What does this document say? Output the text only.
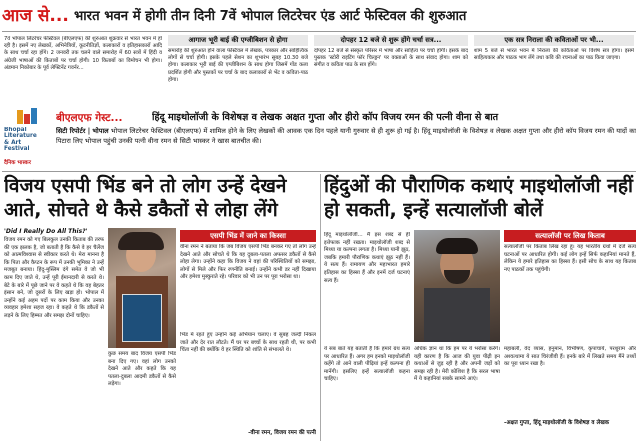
आज से... भारत भवन में होगी तीन दिनी 7वें भोपाल लिटरेचर एंड आर्ट फेस्टिवल की शुरुआत
7वें भोपाल लिटरेचर फेस्टिवल (बीएलएफ) की शुरुआत शुक्रवार से भारत भवन में हो रही है। इसमें नए लेखकों, अभिनेत्रियों, कूटनीतिज्ञों, कलाकारों व इतिहासकारों आदि के साथ चर्चा रहा होंगे। 2 जनवरी तक चलने वाले समारोह में 60 सत्रों में हिंदी व अंग्रेजी भाषाओं की किताबों पर चर्चा होगी। 10 किताबों का विमोचन भी होगा। अंडमान निकोबार के पूर्व लेफ्टिनेंट गवर्नर...
आगाज भूरी बाई की एग्जीबिशन से होगा
समारोह की शुरुआत होने वाला फेस्टिवल में लेखक, पत्रकार और साहित्यिक लोगों से चर्चा होगी। इसके पहले सेशन का शुभारंभ सुबह 10.30 बजे होगा। कलाकार भूरी बाई की एग्जीबिशन के साथ होगा जिसमें गोंड कला प्रदर्शित होगी और पुस्तकों पर चर्चा के बाद कलाकारों से भेंट व कविता-पाठ होगा।
दोपहर 12 बजे से शुरू होंगे चर्चा सत्र...
दोपहर 12 बजे से संस्कृत परिसर में भाषा और साहित्य पर चर्चा होगी। इसके बाद पुस्तक 'स्टोरी राइटिंग फॉर चिल्ड्रन' पर वक्ताओं के साथ संवाद होगा। शाम को संगीत व कविता पाठ के सत्र होंगे।
एक सत्र निराला की कविताओं पर भी...
शाम 5 बजे से भारत भवन में निराला की कविताओं पर विशेष सत्र होगा। इसमें साहित्यकार और पाठक भाग लेंगे तथा कवि की रचनाओं का पाठ किया जाएगा।
Bhopal
Literature
& Art
Festival
दैनिक भास्कर
बीएलएफ गेस्ट...	हिंदू माइथोलॉजी के विशेषज्ञ व लेखक अक्षत गुप्ता और हीरो कॉप विजय रमन की पत्नी वीना से बात
सिटी रिपोर्टर | भोपाल भोपाल लिटरेचर फेस्टिवल (बीएलएफ) में शामिल होने के लिए लेखकों की आवक एक दिन पहले यानी गुरुवार से ही शुरू हो गई है। हिंदू माइथोलॉजी के विशेषज्ञ व लेखक अक्षत गुप्ता और हीरो कॉप विजय रमन की यादों का पिटारा लिए भोपाल पहुंची उनकी पत्नी वीना रमन से सिटी भास्कर ने खास बातचीत की।
विजय एसपी भिंड बने तो लोग उन्हें देखने आते, सोचते थे कैसे डकैतों से लोहा लेंगे
'Did I Really Do All This?'
विजय रमन को गए बिलकुल उनकी किताब की तरफ की एक झलक है, जो बताती है कि कैसे वे हर चैलेंज को आत्मविश्वास से स्वीकार करते थे। मेरा मानना है कि पिता और कैप्टन के रूप में उनकी भूमिका ने उन्हें मजबूत बनाया। हिंदू-मुस्लिम दंगे समेत वे जो भी काम दिए जाते थे, उन्हें पूरी ईमानदारी से करते थे। बेटे के बारे में पूछे जाने पर वे कहते थे कि वह बेहतर इंसान बने, जो दूसरों के लिए खड़ा हो। भोपाल में उन्होंने कई अहम पदों पर काम किया और उनका व्यवहार हमेशा सहज रहा। वे कहते थे कि डकैतों से लड़ने के लिए हिम्मत और समझ दोनों चाहिए।
एसपी भिंड में जाने का किस्सा
वीना रमन ने बताया कि जब विजय एसपी भिंड बनकर गए तो लोग उन्हें देखने आते और सोचते थे कि यह दुबला-पतला अफसर डकैतों से कैसे लोहा लेगा। उन्होंने कहा कि विजय ने वहां की परिस्थितियों को समझा, लोगों से मिले और फिर रणनीति बनाई। उन्होंने कभी डर नहीं दिखाया और हमेशा मुस्कुराते रहे। परिवार को भी उन पर पूरा भरोसा था।
भिंड में रहते हुए उन्होंने कई अभियान चलाए। वे सुबह जल्दी निकल जाते और देर रात लौटते। मैं घर पर बच्चों के साथ रहती थी, पर कभी चिंता नहीं की क्योंकि वे हर स्थिति को शांति से संभालते थे।
-वीना रमन, विजय रमन की पत्नी
कुछ समय बाद विजय एसपी भिंड बना दिए गए। वहां लोग उनको देखने आते और कहते कि यह पतला-दुबला आदमी डकैतों से कैसे लड़ेगा।
हिंदुओं की पौराणिक कथाएं माइथोलॉजी नहीं हो सकती, इन्हें सत्यालॉजी बोलें
हिंदू माइथोलॉजी... मैं इस शब्द से ही इत्तेफाक नहीं रखता। माइथोलॉजी शब्द से मिथ्या या कल्पना लगता है। मिथ्या यानी झूठ, जबकि हमारी पौराणिक कथाएं झूठ नहीं हैं। ये सत्य हैं। रामायण और महाभारत हमारे इतिहास का हिस्सा हैं और इनमें दर्ज घटनाएं सत्य हैं।
सत्यालॉजी पर लिख किताब
सत्यालॉजी पर किताब लिख रहा हूं। यह भारतीय ग्रंथों में दर्ज सत्य घटनाओं पर आधारित होगी। कई लोग इन्हें सिर्फ कहानियां मानते हैं, लेकिन ये हमारे इतिहास का हिस्सा हैं। इसी सोच के साथ यह किताब नए पाठकों तक पहुंचेगी।
ये सब बातें यह बताती हैं कि हमारे ग्रंथ सत्य पर आधारित हैं। अगर हम इनको माइथोलॉजी कहेंगे तो आने वाली पीढ़ियां इन्हें कल्पना ही मानेंगी। इसलिए इन्हें सत्यालॉजी कहना चाहिए।
अधिक ज्ञान था कि हम पर ये भरोसा करेंगे। यही कारण है कि आज की युवा पीढ़ी इन कथाओं से जुड़ रही है और अपनी जड़ों को समझ रही है। मेरी कोशिश है कि सरल भाषा में ये कहानियां सबके सामने आएं।
महाबली, वेद व्यास, हनुमान, विभीषण, कृपाचार्य, परशुराम और अश्वत्थामा ये सात चिरंजीवी हैं। इनके बारे में लिखते समय मैंने तथ्यों का पूरा ध्यान रखा है।
-अक्षत गुप्ता, हिंदू माइथोलॉजी के विशेषज्ञ व लेखक
